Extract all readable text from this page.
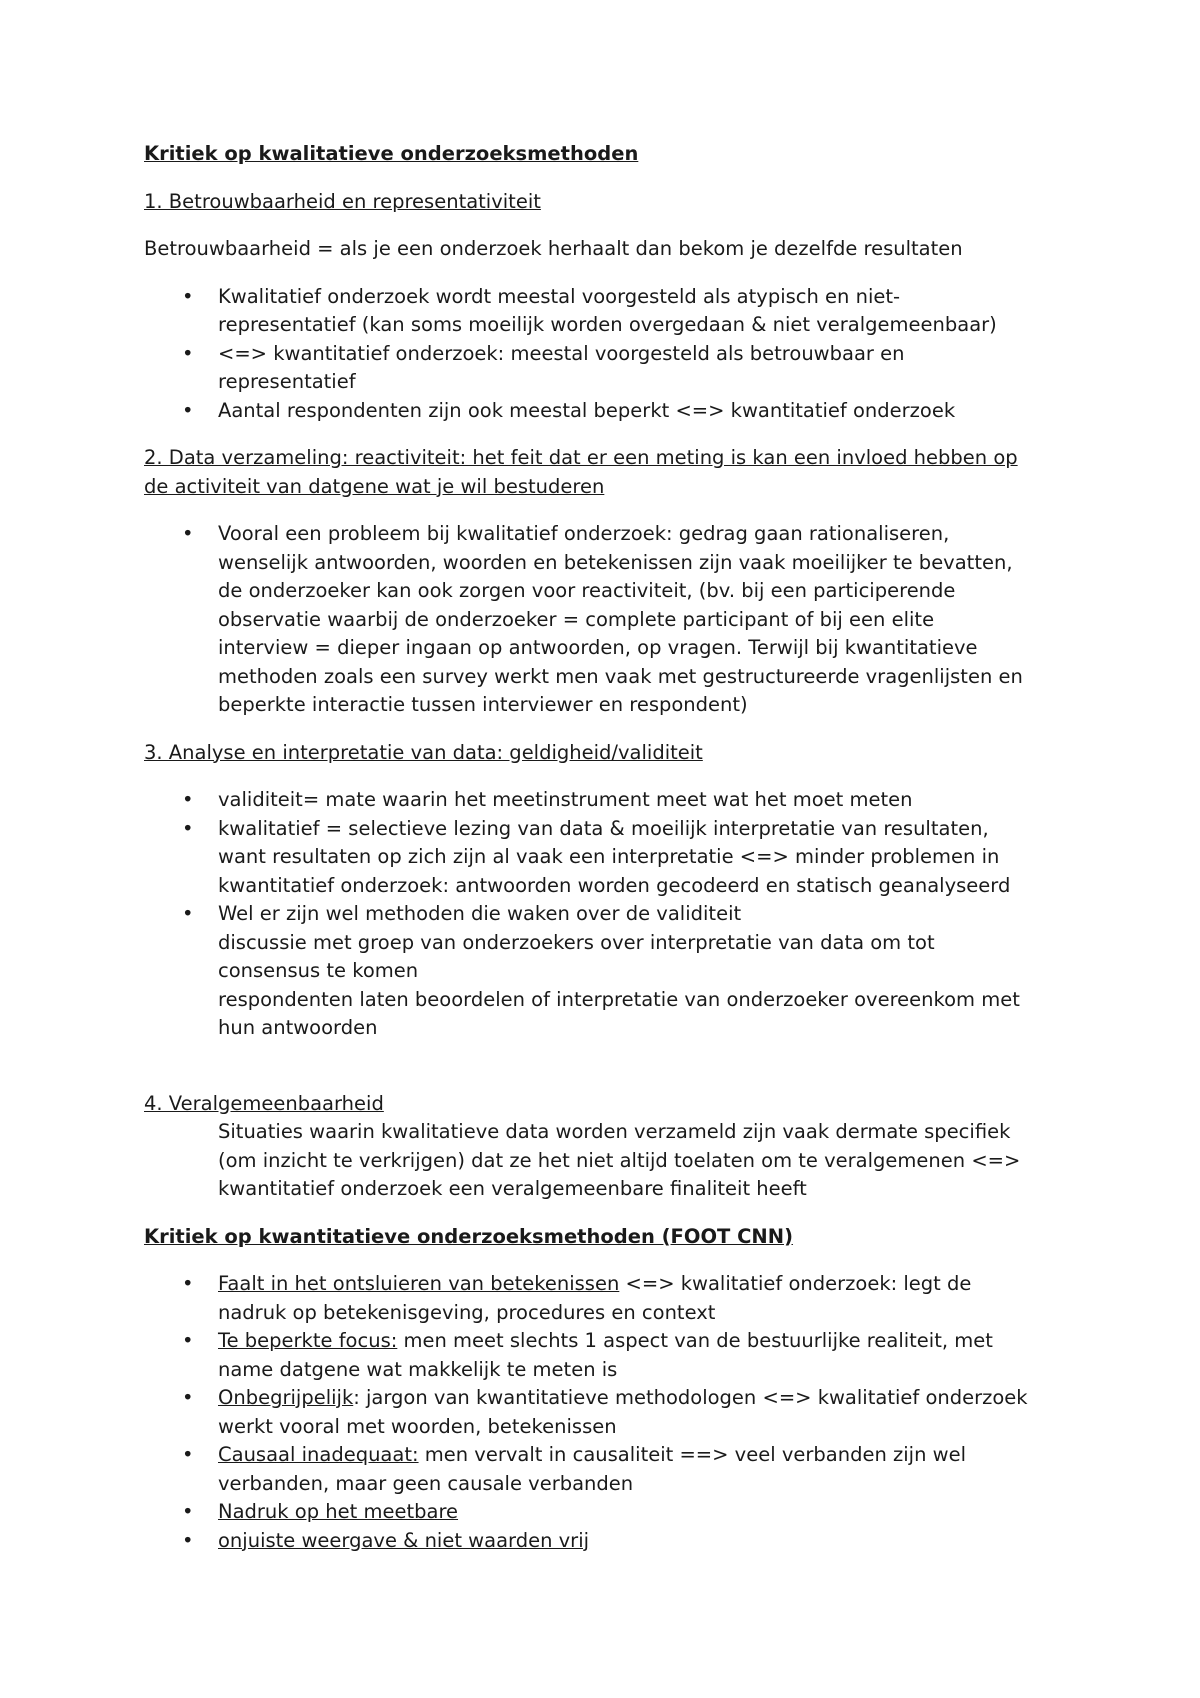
Kritiek op kwalitatieve onderzoeksmethoden
1. Betrouwbaarheid en representativiteit

Betrouwbaarheid = als je een onderzoek herhaalt dan bekom je dezelfde resultaten

• Kwalitatief onderzoek wordt meestal voorgesteld als atypisch en niet-
representatief (kan soms moeilijk worden overgedaan & niet veralgemeenbaar)
• <=> kwantitatief onderzoek: meestal voorgesteld als betrouwbaar en
representatief
• Aantal respondenten zijn ook meestal beperkt <=> kwantitatief onderzoek
2. Data verzameling: reactiviteit: het feit dat er een meting is kan een invloed hebben op
de activiteit van datgene wat je wil bestuderen
• Vooral een probleem bij kwalitatief onderzoek: gedrag gaan rationaliseren,
wenselijk antwoorden, woorden en betekenissen zijn vaak moeilijker te bevatten,
de onderzoeker kan ook zorgen voor reactiviteit, (bv. bij een participerende
observatie waarbij de onderzoeker = complete participant of bij een elite
interview = dieper ingaan op antwoorden, op vragen. Terwijl bij kwantitatieve
methoden zoals een survey werkt men vaak met gestructureerde vragenlijsten en
beperkte interactie tussen interviewer en respondent)
3. Analyse en interpretatie van data: geldigheid/validiteit
• validiteit= mate waarin het meetinstrument meet wat het moet meten
• kwalitatief = selectieve lezing van data & moeilijk interpretatie van resultaten,
want resultaten op zich zijn al vaak een interpretatie <=> minder problemen in
kwantitatief onderzoek: antwoorden worden gecodeerd en statisch geanalyseerd
• Wel er zijn wel methoden die waken over de validiteit
discussie met groep van onderzoekers over interpretatie van data om tot
consensus te komen
respondenten laten beoordelen of interpretatie van onderzoeker overeenkom met
hun antwoorden
4. Veralgemeenbaarheid
Situaties waarin kwalitatieve data worden verzameld zijn vaak dermate specifiek
(om inzicht te verkrijgen) dat ze het niet altijd toelaten om te veralgemenen <=>
kwantitatief onderzoek een veralgemeenbare finaliteit heeft
Kritiek op kwantitatieve onderzoeksmethoden (FOOT CNN)
• Faalt in het ontsluieren van betekenissen <=> kwalitatief onderzoek: legt de
nadruk op betekenisgeving, procedures en context
• Te beperkte focus: men meet slechts 1 aspect van de bestuurlijke realiteit, met
name datgene wat makkelijk te meten is
• Onbegrijpelijk: jargon van kwantitatieve methodologen <=> kwalitatief onderzoek
werkt vooral met woorden, betekenissen
• Causaal inadequaat: men vervalt in causaliteit ==> veel verbanden zijn wel
verbanden, maar geen causale verbanden
• Nadruk op het meetbare
• onjuiste weergave & niet waarden vrij
